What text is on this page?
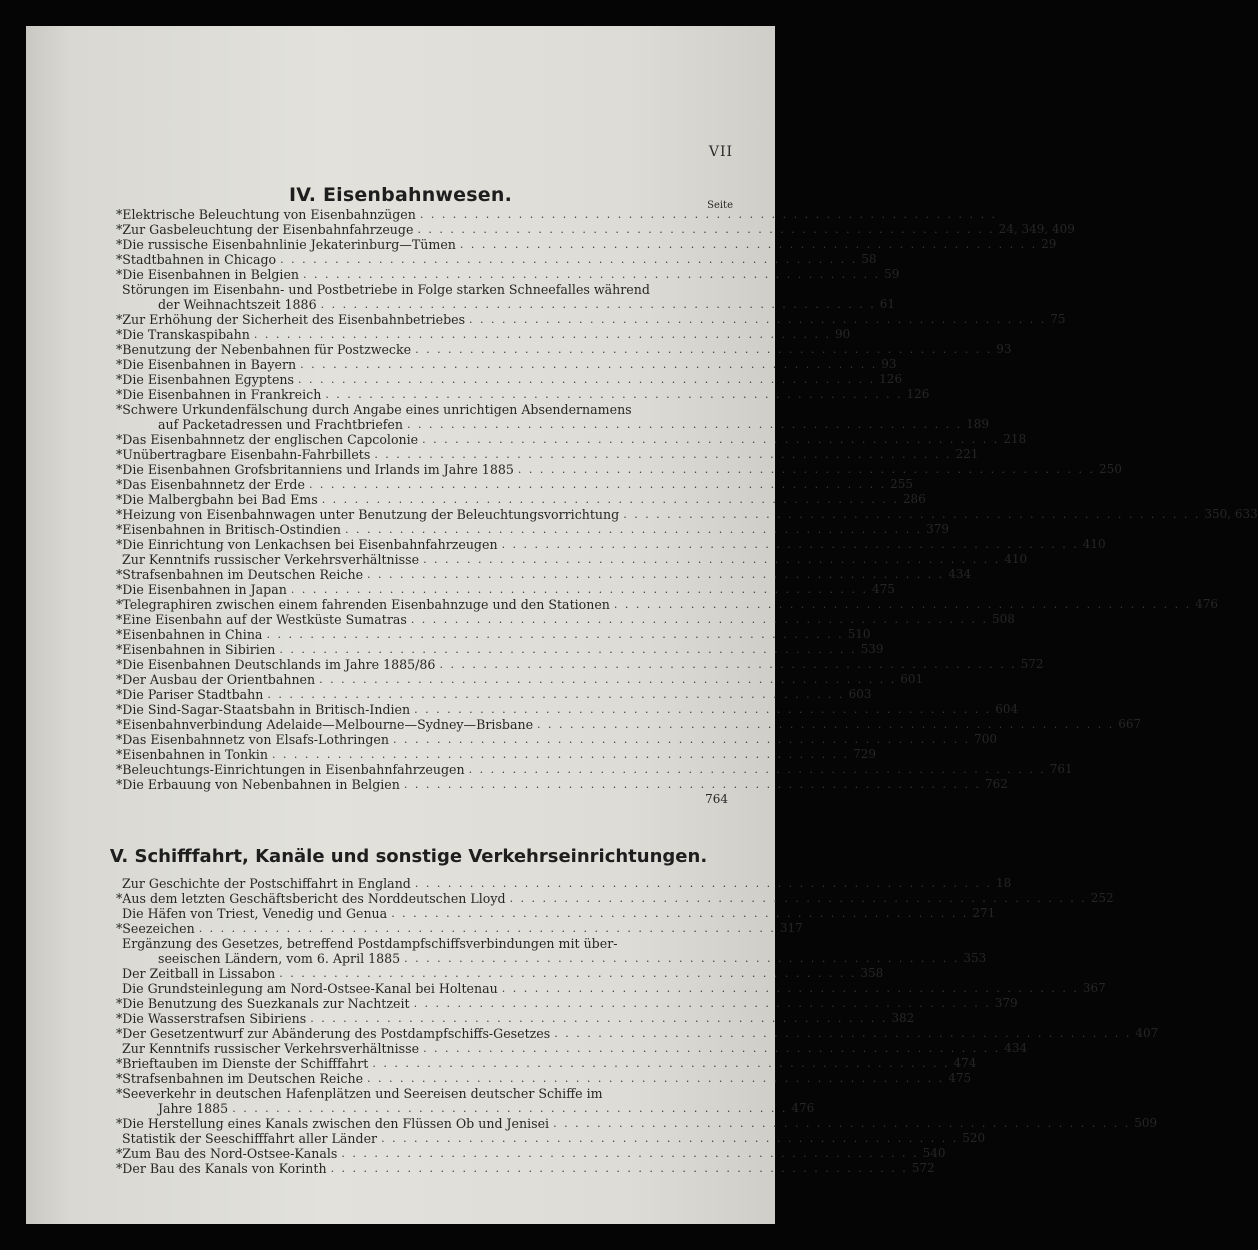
VII
IV. Eisenbahnwesen.	Seite
*Elektrische Beleuchtung von Eisenbahnzügen . . . . . . . . . . . . . . . . . . . . . . . . . . . . . . . . . . . . . . . . . . . . . . . . . . . . .
*Zur Gasbeleuchtung der Eisenbahnfahrzeuge . . . . . . . . . . . . . . . . . . . . . . . . . . . . . . . . . . . . . . . . . . . . . . . . . . . . . 24, 349, 409
*Die russische Eisenbahnlinie Jekaterinburg—Tümen . . . . . . . . . . . . . . . . . . . . . . . . . . . . . . . . . . . . . . . . . . . . . . . . . . . . . 29
*Stadtbahnen in Chicago . . . . . . . . . . . . . . . . . . . . . . . . . . . . . . . . . . . . . . . . . . . . . . . . . . . . . 58
*Die Eisenbahnen in Belgien . . . . . . . . . . . . . . . . . . . . . . . . . . . . . . . . . . . . . . . . . . . . . . . . . . . . . 59
Störungen im Eisenbahn- und Postbetriebe in Folge starken Schneefalles während
der Weihnachtszeit 1886 . . . . . . . . . . . . . . . . . . . . . . . . . . . . . . . . . . . . . . . . . . . . . . . . . . . 61
*Zur Erhöhung der Sicherheit des Eisenbahnbetriebes . . . . . . . . . . . . . . . . . . . . . . . . . . . . . . . . . . . . . . . . . . . . . . . . . . . . . 75
*Die Transkaspibahn . . . . . . . . . . . . . . . . . . . . . . . . . . . . . . . . . . . . . . . . . . . . . . . . . . . . . 90
*Benutzung der Nebenbahnen für Postzwecke . . . . . . . . . . . . . . . . . . . . . . . . . . . . . . . . . . . . . . . . . . . . . . . . . . . . . 93
*Die Eisenbahnen in Bayern . . . . . . . . . . . . . . . . . . . . . . . . . . . . . . . . . . . . . . . . . . . . . . . . . . . . . 93
*Die Eisenbahnen Egyptens . . . . . . . . . . . . . . . . . . . . . . . . . . . . . . . . . . . . . . . . . . . . . . . . . . . . . 126
*Die Eisenbahnen in Frankreich . . . . . . . . . . . . . . . . . . . . . . . . . . . . . . . . . . . . . . . . . . . . . . . . . . . . . 126
*Schwere Urkundenfälschung durch Angabe eines unrichtigen Absendernamens
auf Packetadressen und Frachtbriefen . . . . . . . . . . . . . . . . . . . . . . . . . . . . . . . . . . . . . . . . . . . . . . . . . . . 189
*Das Eisenbahnnetz der englischen Capcolonie . . . . . . . . . . . . . . . . . . . . . . . . . . . . . . . . . . . . . . . . . . . . . . . . . . . . . 218
*Unübertragbare Eisenbahn-Fahrbillets . . . . . . . . . . . . . . . . . . . . . . . . . . . . . . . . . . . . . . . . . . . . . . . . . . . . . 221
*Die Eisenbahnen Grofsbritanniens und Irlands im Jahre 1885 . . . . . . . . . . . . . . . . . . . . . . . . . . . . . . . . . . . . . . . . . . . . . . . . . . . . . 250
*Das Eisenbahnnetz der Erde . . . . . . . . . . . . . . . . . . . . . . . . . . . . . . . . . . . . . . . . . . . . . . . . . . . . . 255
*Die Malbergbahn bei Bad Ems . . . . . . . . . . . . . . . . . . . . . . . . . . . . . . . . . . . . . . . . . . . . . . . . . . . . . 286
*Heizung von Eisenbahnwagen unter Benutzung der Beleuchtungsvorrichtung . . . . . . . . . . . . . . . . . . . . . . . . . . . . . . . . . . . . . . . . . . . . . . . . . . . . . 350, 633
*Eisenbahnen in Britisch-Ostindien . . . . . . . . . . . . . . . . . . . . . . . . . . . . . . . . . . . . . . . . . . . . . . . . . . . . . 379
*Die Einrichtung von Lenkachsen bei Eisenbahnfahrzeugen . . . . . . . . . . . . . . . . . . . . . . . . . . . . . . . . . . . . . . . . . . . . . . . . . . . . . 410
Zur Kenntnifs russischer Verkehrsverhältnisse . . . . . . . . . . . . . . . . . . . . . . . . . . . . . . . . . . . . . . . . . . . . . . . . . . . . . 410
*Strafsenbahnen im Deutschen Reiche . . . . . . . . . . . . . . . . . . . . . . . . . . . . . . . . . . . . . . . . . . . . . . . . . . . . . 434
*Die Eisenbahnen in Japan . . . . . . . . . . . . . . . . . . . . . . . . . . . . . . . . . . . . . . . . . . . . . . . . . . . . . 475
*Telegraphiren zwischen einem fahrenden Eisenbahnzuge und den Stationen . . . . . . . . . . . . . . . . . . . . . . . . . . . . . . . . . . . . . . . . . . . . . . . . . . . . . 476
*Eine Eisenbahn auf der Westküste Sumatras . . . . . . . . . . . . . . . . . . . . . . . . . . . . . . . . . . . . . . . . . . . . . . . . . . . . . 508
*Eisenbahnen in China . . . . . . . . . . . . . . . . . . . . . . . . . . . . . . . . . . . . . . . . . . . . . . . . . . . . . 510
*Eisenbahnen in Sibirien . . . . . . . . . . . . . . . . . . . . . . . . . . . . . . . . . . . . . . . . . . . . . . . . . . . . . 539
*Die Eisenbahnen Deutschlands im Jahre 1885/86 . . . . . . . . . . . . . . . . . . . . . . . . . . . . . . . . . . . . . . . . . . . . . . . . . . . . . 572
*Der Ausbau der Orientbahnen . . . . . . . . . . . . . . . . . . . . . . . . . . . . . . . . . . . . . . . . . . . . . . . . . . . . . 601
*Die Pariser Stadtbahn . . . . . . . . . . . . . . . . . . . . . . . . . . . . . . . . . . . . . . . . . . . . . . . . . . . . . 603
*Die Sind-Sagar-Staatsbahn in Britisch-Indien . . . . . . . . . . . . . . . . . . . . . . . . . . . . . . . . . . . . . . . . . . . . . . . . . . . . . 604
*Eisenbahnverbindung Adelaide—Melbourne—Sydney—Brisbane . . . . . . . . . . . . . . . . . . . . . . . . . . . . . . . . . . . . . . . . . . . . . . . . . . . . . 667
*Das Eisenbahnnetz von Elsafs-Lothringen . . . . . . . . . . . . . . . . . . . . . . . . . . . . . . . . . . . . . . . . . . . . . . . . . . . . . 700
*Eisenbahnen in Tonkin . . . . . . . . . . . . . . . . . . . . . . . . . . . . . . . . . . . . . . . . . . . . . . . . . . . . . 729
*Beleuchtungs-Einrichtungen in Eisenbahnfahrzeugen . . . . . . . . . . . . . . . . . . . . . . . . . . . . . . . . . . . . . . . . . . . . . . . . . . . . . 761
*Die Erbauung von Nebenbahnen in Belgien . . . . . . . . . . . . . . . . . . . . . . . . . . . . . . . . . . . . . . . . . . . . . . . . . . . . . 762
764
V. Schifffahrt, Kanäle und sonstige Verkehrseinrichtungen.
Zur Geschichte der Postschiffahrt in England . . . . . . . . . . . . . . . . . . . . . . . . . . . . . . . . . . . . . . . . . . . . . . . . . . . . . 18
*Aus dem letzten Geschäftsbericht des Norddeutschen Lloyd . . . . . . . . . . . . . . . . . . . . . . . . . . . . . . . . . . . . . . . . . . . . . . . . . . . . . 252
Die Häfen von Triest, Venedig und Genua . . . . . . . . . . . . . . . . . . . . . . . . . . . . . . . . . . . . . . . . . . . . . . . . . . . . . 271
*Seezeichen . . . . . . . . . . . . . . . . . . . . . . . . . . . . . . . . . . . . . . . . . . . . . . . . . . . . . 317
Ergänzung des Gesetzes, betreffend Postdampfschiffsverbindungen mit über-
seeischen Ländern, vom 6. April 1885 . . . . . . . . . . . . . . . . . . . . . . . . . . . . . . . . . . . . . . . . . . . . . . . . . . . 353
Der Zeitball in Lissabon . . . . . . . . . . . . . . . . . . . . . . . . . . . . . . . . . . . . . . . . . . . . . . . . . . . . . 358
Die Grundsteinlegung am Nord-Ostsee-Kanal bei Holtenau . . . . . . . . . . . . . . . . . . . . . . . . . . . . . . . . . . . . . . . . . . . . . . . . . . . . . 367
*Die Benutzung des Suezkanals zur Nachtzeit . . . . . . . . . . . . . . . . . . . . . . . . . . . . . . . . . . . . . . . . . . . . . . . . . . . . . 379
*Die Wasserstrafsen Sibiriens . . . . . . . . . . . . . . . . . . . . . . . . . . . . . . . . . . . . . . . . . . . . . . . . . . . . . 382
*Der Gesetzentwurf zur Abänderung des Postdampfschiffs-Gesetzes . . . . . . . . . . . . . . . . . . . . . . . . . . . . . . . . . . . . . . . . . . . . . . . . . . . . . 407
Zur Kenntnifs russischer Verkehrsverhältnisse . . . . . . . . . . . . . . . . . . . . . . . . . . . . . . . . . . . . . . . . . . . . . . . . . . . . . 434
*Brieftauben im Dienste der Schifffahrt . . . . . . . . . . . . . . . . . . . . . . . . . . . . . . . . . . . . . . . . . . . . . . . . . . . . . 474
*Strafsenbahnen im Deutschen Reiche . . . . . . . . . . . . . . . . . . . . . . . . . . . . . . . . . . . . . . . . . . . . . . . . . . . . . 475
*Seeverkehr in deutschen Hafenplätzen und Seereisen deutscher Schiffe im
Jahre 1885 . . . . . . . . . . . . . . . . . . . . . . . . . . . . . . . . . . . . . . . . . . . . . . . . . . . 476
*Die Herstellung eines Kanals zwischen den Flüssen Ob und Jenisei . . . . . . . . . . . . . . . . . . . . . . . . . . . . . . . . . . . . . . . . . . . . . . . . . . . . . 509
Statistik der Seeschifffahrt aller Länder . . . . . . . . . . . . . . . . . . . . . . . . . . . . . . . . . . . . . . . . . . . . . . . . . . . . . 520
*Zum Bau des Nord-Ostsee-Kanals . . . . . . . . . . . . . . . . . . . . . . . . . . . . . . . . . . . . . . . . . . . . . . . . . . . . . 540
*Der Bau des Kanals von Korinth . . . . . . . . . . . . . . . . . . . . . . . . . . . . . . . . . . . . . . . . . . . . . . . . . . . . . 572
